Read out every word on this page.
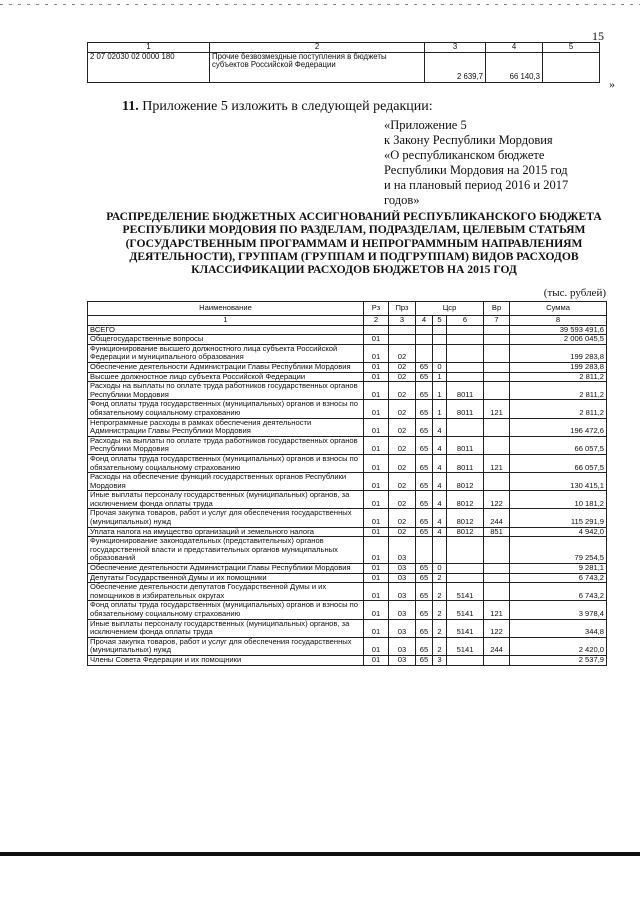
15
1	2	3	4	5
2 07 02030 02 0000 180	Прочие безвозмездные поступления в бюджеты субъектов Российской Федерации	2 639,7	66 140,3	
»
11. Приложение 5 изложить в следующей редакции:
«Приложение 5
к Закону Республики Мордовия
«О республиканском бюджете
Республики Мордовия на 2015 год
и на плановый период 2016 и 2017
годов»
РАСПРЕДЕЛЕНИЕ БЮДЖЕТНЫХ АССИГНОВАНИЙ РЕСПУБЛИКАНСКОГО БЮДЖЕТА РЕСПУБЛИКИ МОРДОВИЯ ПО РАЗДЕЛАМ, ПОДРАЗДЕЛАМ, ЦЕЛЕВЫМ СТАТЬЯМ (ГОСУДАРСТВЕННЫМ ПРОГРАММАМ И НЕПРОГРАММНЫМ НАПРАВЛЕНИЯМ ДЕЯТЕЛЬНОСТИ), ГРУППАМ (ГРУППАМ И ПОДГРУППАМ) ВИДОВ РАСХОДОВ КЛАССИФИКАЦИИ РАСХОДОВ БЮДЖЕТОВ НА 2015 ГОД
(тыс. рублей)
Наименование	Рз	Прз	Цср			Вр	Сумма
1	2	3	4	5	6	7	8
ВСЕГО							39 593 491,6
Общегосударственные вопросы	01						2 006 045,5
Функционирование высшего должностного лица субъекта Российской Федерации и муниципального образования	01	02					199 283,8
Обеспечение деятельности Администрации Главы Республики Мордовия	01	02	65	0			199 283,8
Высшее должностное лицо субъекта Российской Федерации	01	02	65	1			2 811,2
Расходы на выплаты по оплате труда работников государственных органов Республики Мордовия	01	02	65	1	8011		2 811,2
Фонд оплаты труда государственных (муниципальных) органов и взносы по обязательному социальному страхованию	01	02	65	1	8011	121	2 811,2
Непрограммные расходы в рамках обеспечения деятельности Администрации Главы Республики Мордовия	01	02	65	4			196 472,6
Расходы на выплаты по оплате труда работников государственных органов Республики Мордовия	01	02	65	4	8011		66 057,5
Фонд оплаты труда государственных (муниципальных) органов и взносы по обязательному социальному страхованию	01	02	65	4	8011	121	66 057,5
Расходы на обеспечение функций государственных органов Республики Мордовия	01	02	65	4	8012		130 415,1
Иные выплаты персоналу государственных (муниципальных) органов, за исключением фонда оплаты труда	01	02	65	4	8012	122	10 181,2
Прочая закупка товаров, работ и услуг для обеспечения государственных (муниципальных) нужд	01	02	65	4	8012	244	115 291,9
Уплата налога на имущество организаций и земельного налога	01	02	65	4	8012	851	4 942,0
Функционирование законодательных (представительных) органов государственной власти и представительных органов муниципальных образований	01	03					79 254,5
Обеспечение деятельности Администрации Главы Республики Мордовия	01	03	65	0			9 281,1
Депутаты Государственной Думы и их помощники	01	03	65	2			6 743,2
Обеспечение деятельности депутатов Государственной Думы и их помощников в избирательных округах	01	03	65	2	5141		6 743,2
Фонд оплаты труда государственных (муниципальных) органов и взносы по обязательному социальному страхованию	01	03	65	2	5141	121	3 978,4
Иные выплаты персоналу государственных (муниципальных) органов, за исключением фонда оплаты труда	01	03	65	2	5141	122	344,8
Прочая закупка товаров, работ и услуг для обеспечения государственных (муниципальных) нужд	01	03	65	2	5141	244	2 420,0
Члены Совета Федерации и их помощники	01	03	65	3			2 537,9
